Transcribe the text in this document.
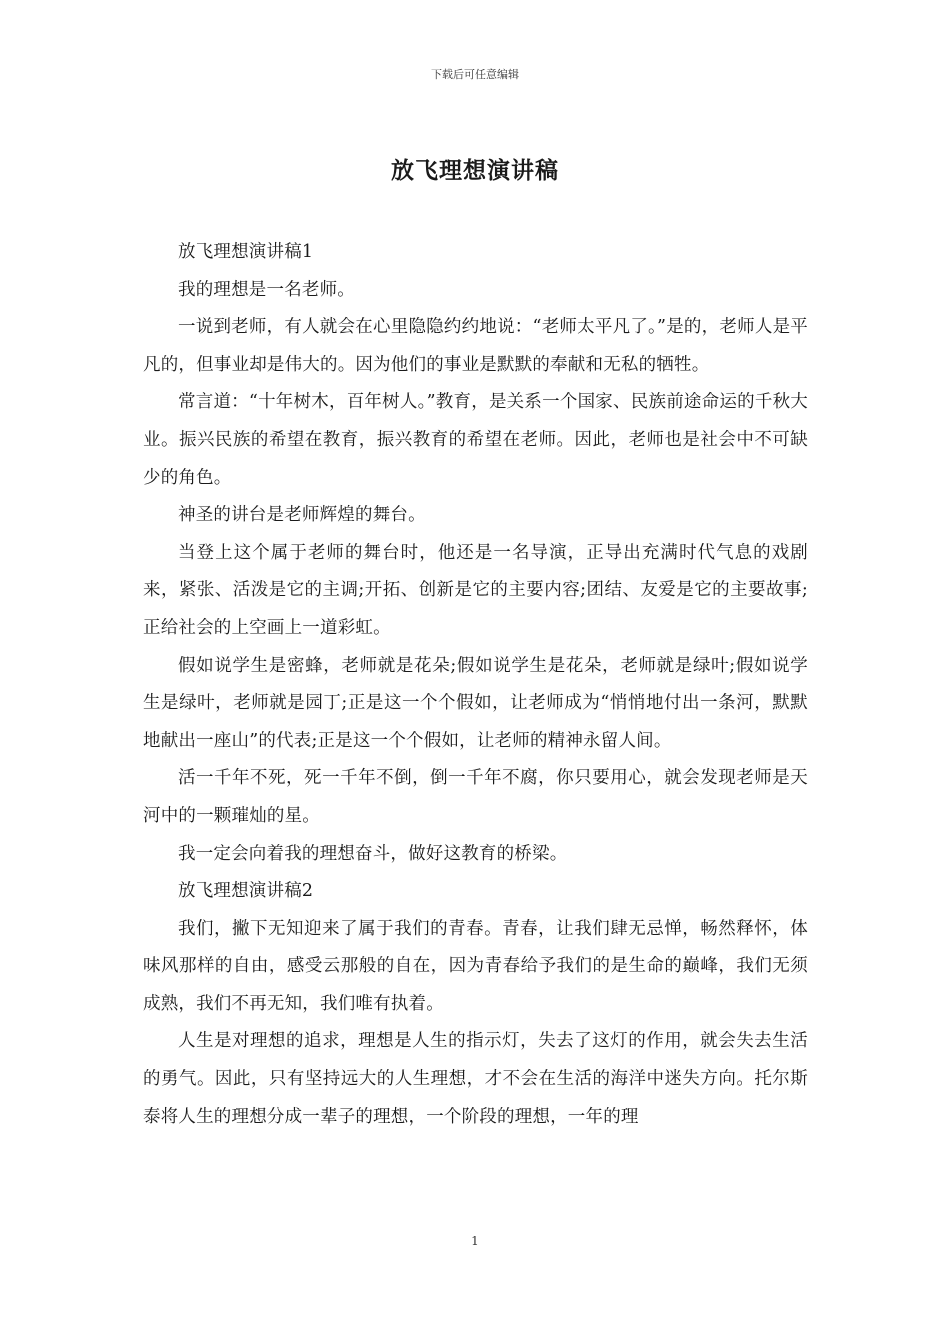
下载后可任意编辑
放飞理想演讲稿

放飞理想演讲稿1

我的理想是一名老师。

一说到老师，有人就会在心里隐隐约约地说：“老师太平凡了。”是的，老师人是平凡的，但事业却是伟大的。因为他们的事业是默默的奉献和无私的牺牲。

常言道：“十年树木，百年树人。”教育，是关系一个国家、民族前途命运的千秋大业。振兴民族的希望在教育，振兴教育的希望在老师。因此，老师也是社会中不可缺少的角色。

神圣的讲台是老师辉煌的舞台。

当登上这个属于老师的舞台时，他还是一名导演，正导出充满时代气息的戏剧来，紧张、活泼是它的主调;开拓、创新是它的主要内容;团结、友爱是它的主要故事;正给社会的上空画上一道彩虹。

假如说学生是密蜂，老师就是花朵;假如说学生是花朵，老师就是绿叶;假如说学生是绿叶，老师就是园丁;正是这一个个假如，让老师成为“悄悄地付出一条河，默默地献出一座山”的代表;正是这一个个假如，让老师的精神永留人间。

活一千年不死，死一千年不倒，倒一千年不腐，你只要用心，就会发现老师是天河中的一颗璀灿的星。

我一定会向着我的理想奋斗，做好这教育的桥梁。

放飞理想演讲稿2

我们，撇下无知迎来了属于我们的青春。青春，让我们肆无忌惮，畅然释怀，体味风那样的自由，感受云那般的自在，因为青春给予我们的是生命的巅峰，我们无须成熟，我们不再无知，我们唯有执着。

人生是对理想的追求，理想是人生的指示灯，失去了这灯的作用，就会失去生活的勇气。因此，只有坚持远大的人生理想，才不会在生活的海洋中迷失方向。托尔斯泰将人生的理想分成一辈子的理想，一个阶段的理想，一年的理

1
